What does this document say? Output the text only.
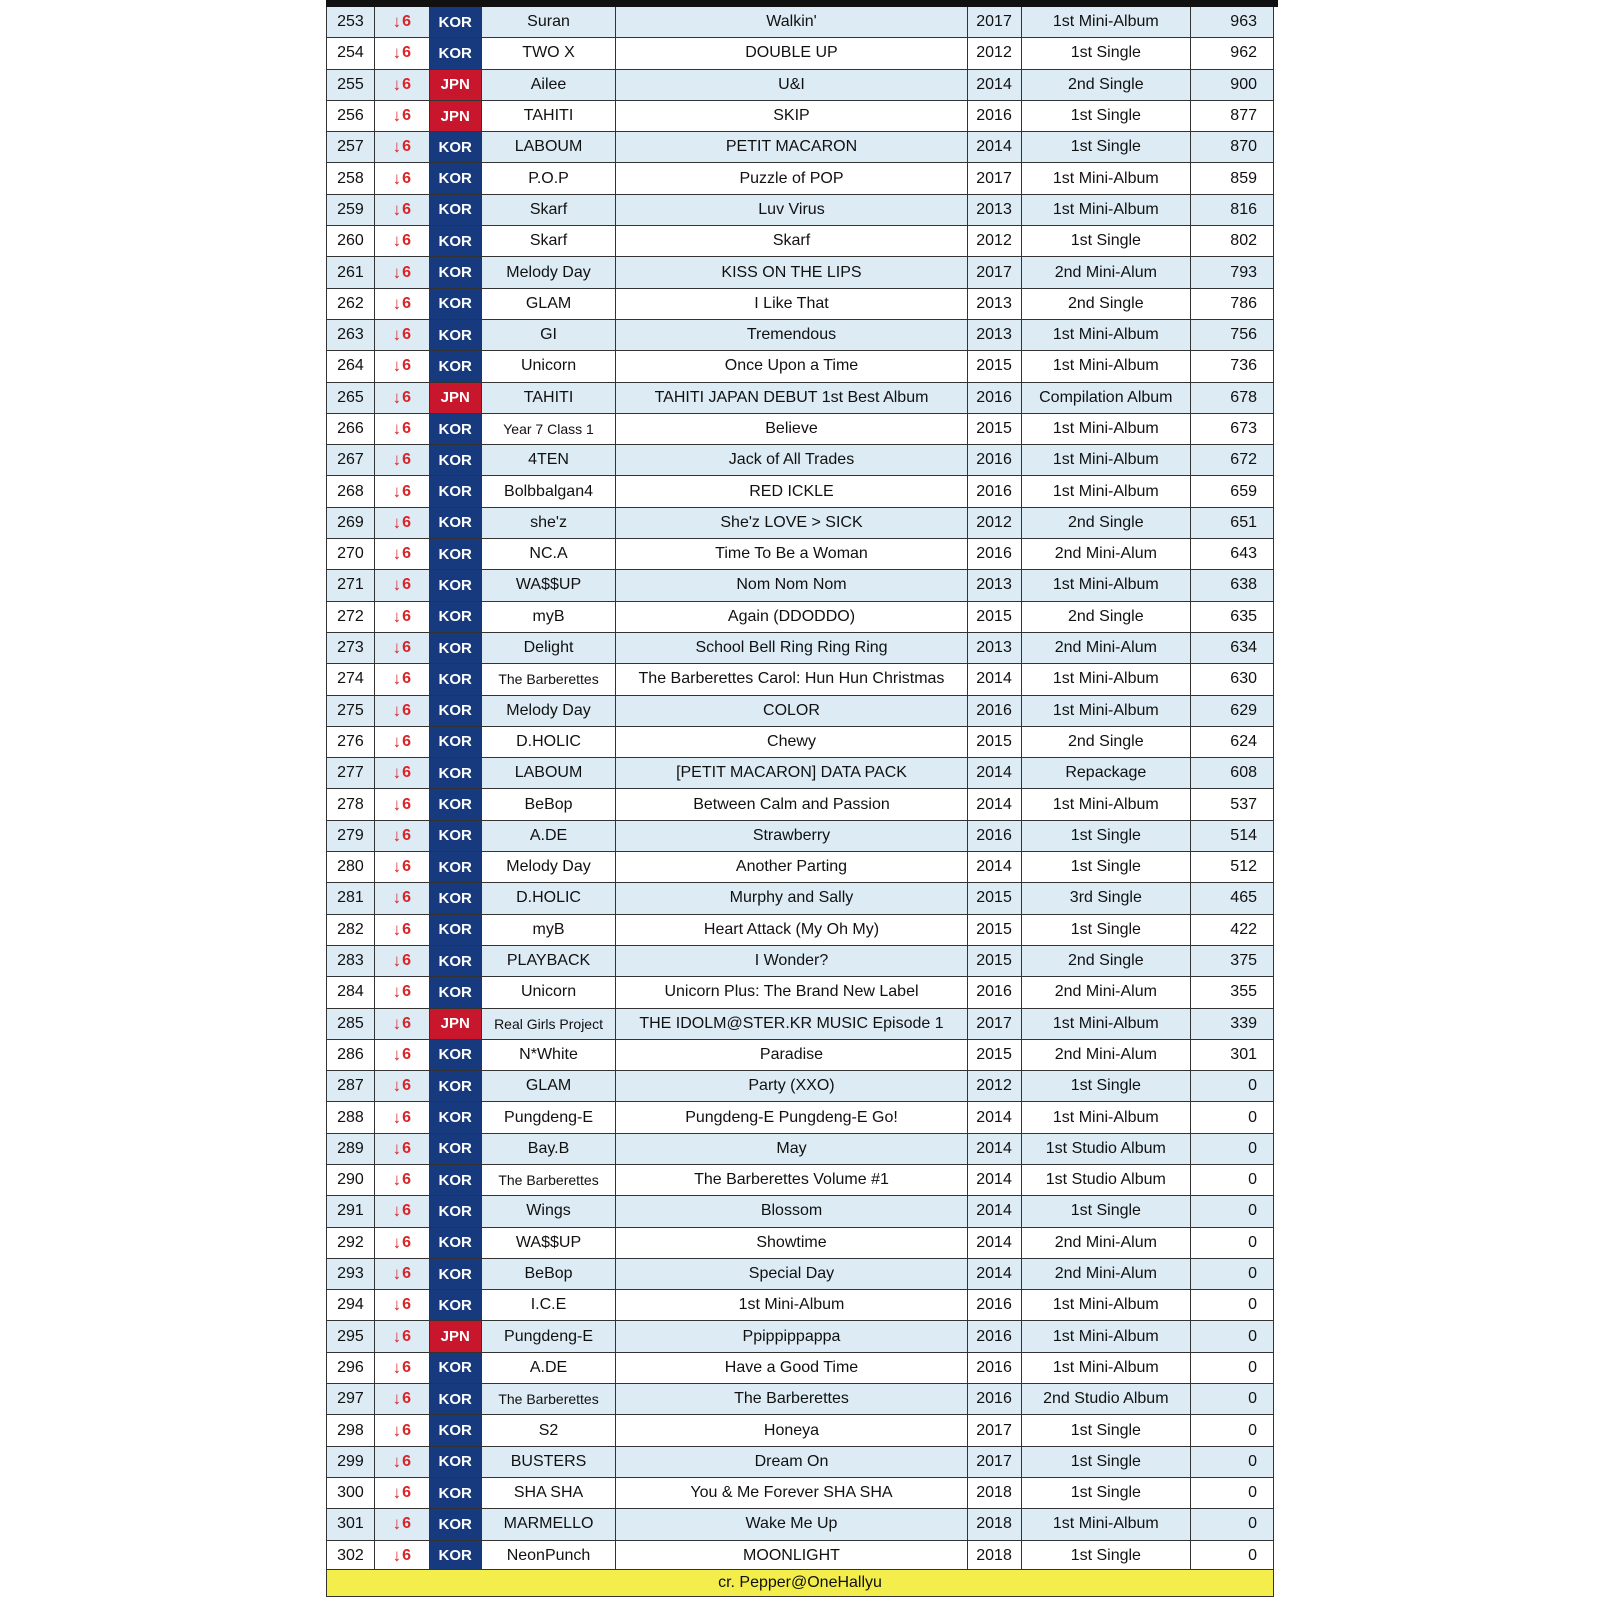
253	↓ 6	KOR	Suran	Walkin'	2017	1st Mini-Album	963
254	↓ 6	KOR	TWO X	DOUBLE UP	2012	1st Single	962
255	↓ 6	JPN	Ailee	U&I	2014	2nd Single	900
256	↓ 6	JPN	TAHITI	SKIP	2016	1st Single	877
257	↓ 6	KOR	LABOUM	PETIT MACARON	2014	1st Single	870
258	↓ 6	KOR	P.O.P	Puzzle of POP	2017	1st Mini-Album	859
259	↓ 6	KOR	Skarf	Luv Virus	2013	1st Mini-Album	816
260	↓ 6	KOR	Skarf	Skarf	2012	1st Single	802
261	↓ 6	KOR	Melody Day	KISS ON THE LIPS	2017	2nd Mini-Alum	793
262	↓ 6	KOR	GLAM	I Like That	2013	2nd Single	786
263	↓ 6	KOR	GI	Tremendous	2013	1st Mini-Album	756
264	↓ 6	KOR	Unicorn	Once Upon a Time	2015	1st Mini-Album	736
265	↓ 6	JPN	TAHITI	TAHITI JAPAN DEBUT 1st Best Album	2016	Compilation Album	678
266	↓ 6	KOR	Year 7 Class 1	Believe	2015	1st Mini-Album	673
267	↓ 6	KOR	4TEN	Jack of All Trades	2016	1st Mini-Album	672
268	↓ 6	KOR	Bolbbalgan4	RED ICKLE	2016	1st Mini-Album	659
269	↓ 6	KOR	she'z	She'z LOVE > SICK	2012	2nd Single	651
270	↓ 6	KOR	NC.A	Time To Be a Woman	2016	2nd Mini-Alum	643
271	↓ 6	KOR	WA$$UP	Nom Nom Nom	2013	1st Mini-Album	638
272	↓ 6	KOR	myB	Again (DDODDO)	2015	2nd Single	635
273	↓ 6	KOR	Delight	School Bell Ring Ring Ring	2013	2nd Mini-Alum	634
274	↓ 6	KOR	The Barberettes	The Barberettes Carol: Hun Hun Christmas	2014	1st Mini-Album	630
275	↓ 6	KOR	Melody Day	COLOR	2016	1st Mini-Album	629
276	↓ 6	KOR	D.HOLIC	Chewy	2015	2nd Single	624
277	↓ 6	KOR	LABOUM	[PETIT MACARON] DATA PACK	2014	Repackage	608
278	↓ 6	KOR	BeBop	Between Calm and Passion	2014	1st Mini-Album	537
279	↓ 6	KOR	A.DE	Strawberry	2016	1st Single	514
280	↓ 6	KOR	Melody Day	Another Parting	2014	1st Single	512
281	↓ 6	KOR	D.HOLIC	Murphy and Sally	2015	3rd Single	465
282	↓ 6	KOR	myB	Heart Attack (My Oh My)	2015	1st Single	422
283	↓ 6	KOR	PLAYBACK	I Wonder?	2015	2nd Single	375
284	↓ 6	KOR	Unicorn	Unicorn Plus: The Brand New Label	2016	2nd Mini-Alum	355
285	↓ 6	JPN	Real Girls Project	THE IDOLM@STER.KR MUSIC Episode 1	2017	1st Mini-Album	339
286	↓ 6	KOR	N*White	Paradise	2015	2nd Mini-Alum	301
287	↓ 6	KOR	GLAM	Party (XXO)	2012	1st Single	0
288	↓ 6	KOR	Pungdeng-E	Pungdeng-E Pungdeng-E Go!	2014	1st Mini-Album	0
289	↓ 6	KOR	Bay.B	May	2014	1st Studio Album	0
290	↓ 6	KOR	The Barberettes	The Barberettes Volume #1	2014	1st Studio Album	0
291	↓ 6	KOR	Wings	Blossom	2014	1st Single	0
292	↓ 6	KOR	WA$$UP	Showtime	2014	2nd Mini-Alum	0
293	↓ 6	KOR	BeBop	Special Day	2014	2nd Mini-Alum	0
294	↓ 6	KOR	I.C.E	1st Mini-Album	2016	1st Mini-Album	0
295	↓ 6	JPN	Pungdeng-E	Ppippippappa	2016	1st Mini-Album	0
296	↓ 6	KOR	A.DE	Have a Good Time	2016	1st Mini-Album	0
297	↓ 6	KOR	The Barberettes	The Barberettes	2016	2nd Studio Album	0
298	↓ 6	KOR	S2	Honeya	2017	1st Single	0
299	↓ 6	KOR	BUSTERS	Dream On	2017	1st Single	0
300	↓ 6	KOR	SHA SHA	You & Me Forever SHA SHA	2018	1st Single	0
301	↓ 6	KOR	MARMELLO	Wake Me Up	2018	1st Mini-Album	0
302	↓ 6	KOR	NeonPunch	MOONLIGHT	2018	1st Single	0
cr. Pepper@OneHallyu
